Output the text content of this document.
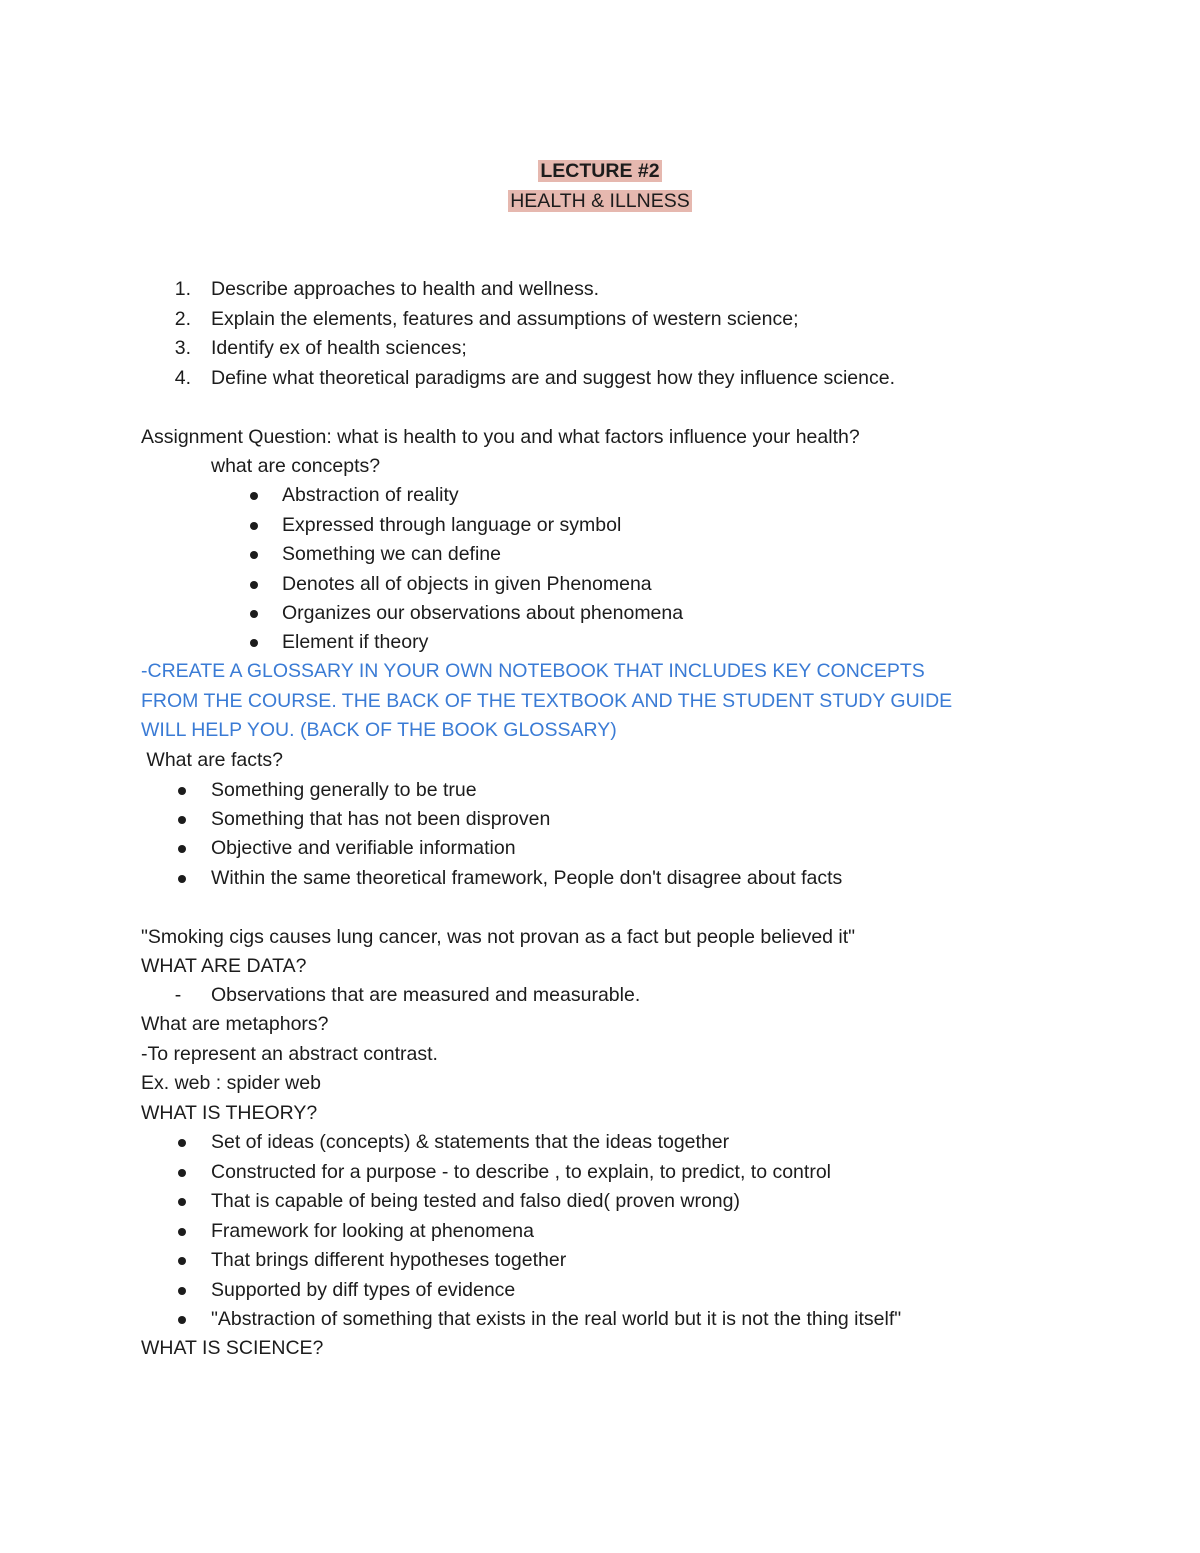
LECTURE #2
HEALTH & ILLNESS
1. Describe approaches to health and wellness.
2. Explain the elements, features and assumptions of western science;
3. Identify ex of health sciences;
4. Define what theoretical paradigms are and suggest how they influence science.
Assignment Question: what is health to you and what factors influence your health?
what are concepts?
Abstraction of reality
Expressed through language or symbol
Something we can define
Denotes all of objects in given Phenomena
Organizes our observations about phenomena
Element if theory
-CREATE A GLOSSARY IN YOUR OWN NOTEBOOK THAT INCLUDES KEY CONCEPTS
FROM THE COURSE. THE BACK OF THE TEXTBOOK AND THE STUDENT STUDY GUIDE
WILL HELP YOU. (BACK OF THE BOOK GLOSSARY)
What are facts?
Something generally to be true
Something that has not been disproven
Objective and verifiable information
Within the same theoretical framework, People don't disagree about facts
"Smoking cigs causes lung cancer, was not provan as a fact but people believed it"
WHAT ARE DATA?
- Observations that are measured and measurable.
What are metaphors?
-To represent an abstract contrast.
Ex. web : spider web
WHAT IS THEORY?
Set of ideas (concepts) & statements that the ideas together
Constructed for a purpose - to describe , to explain, to predict, to control
That is capable of being tested and falso died( proven wrong)
Framework for looking at phenomena
That brings different hypotheses together
Supported by diff types of evidence
"Abstraction of something that exists in the real world but it is not the thing itself"
WHAT IS SCIENCE?
